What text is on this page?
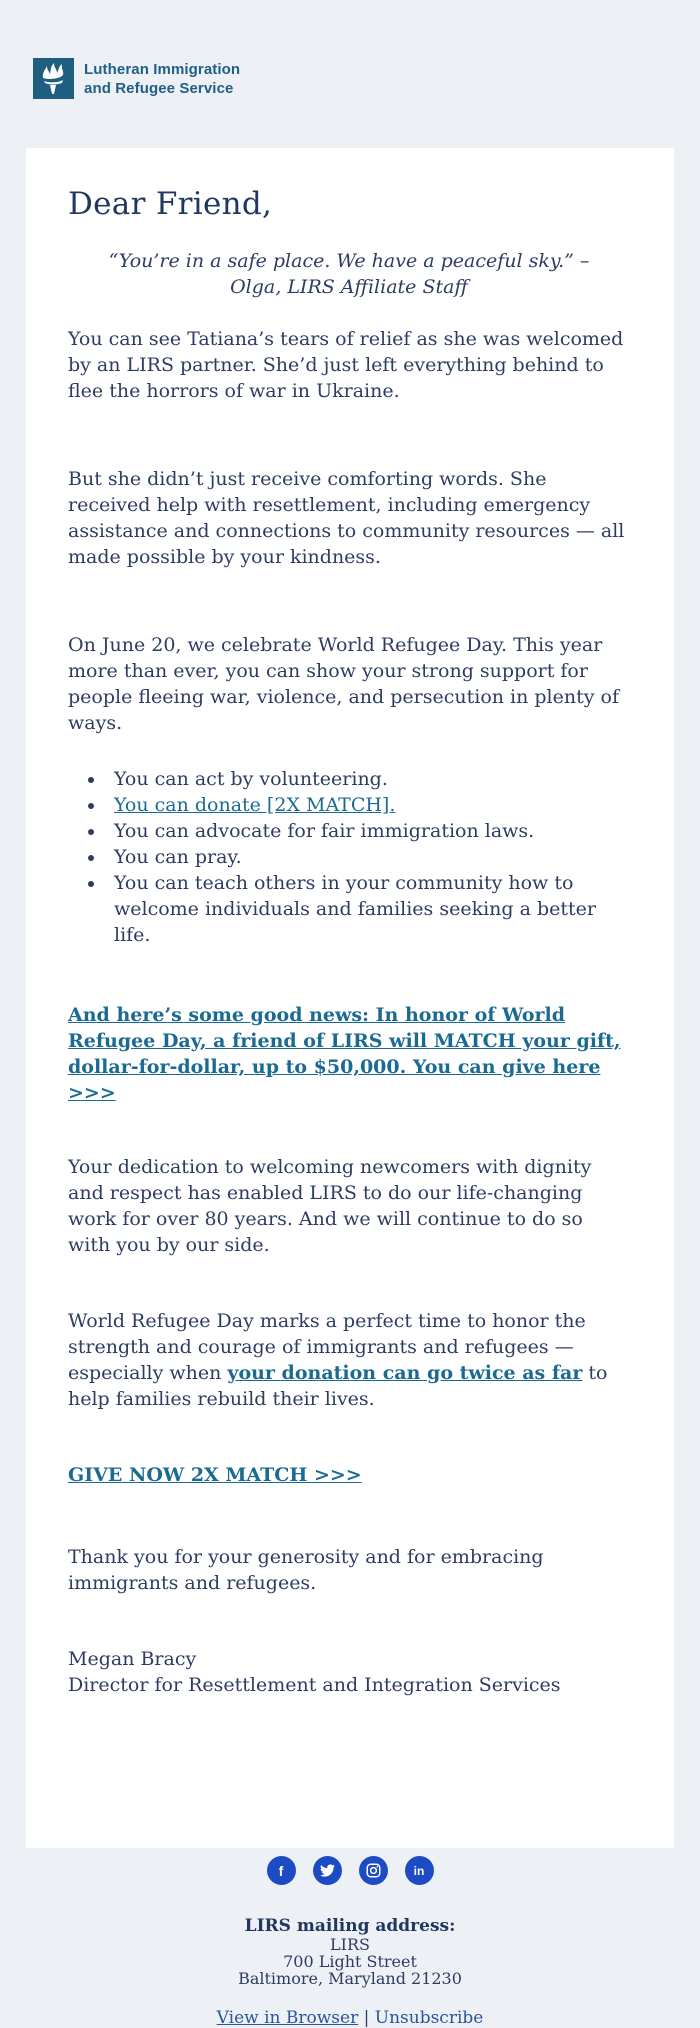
Lutheran Immigration
and Refugee Service
Dear Friend,
“You’re in a safe place. We have a peaceful sky.” – Olga, LIRS Affiliate Staff

You can see Tatiana’s tears of relief as she was welcomed by an LIRS partner. She’d just left everything behind to flee the horrors of war in Ukraine.

But she didn’t just receive comforting words. She received help with resettlement, including emergency assistance and connections to community resources — all made possible by your kindness.

On June 20, we celebrate World Refugee Day. This year more than ever, you can show your strong support for people fleeing war, violence, and persecution in plenty of ways.

• You can act by volunteering.
• You can donate [2X MATCH].
• You can advocate for fair immigration laws.
• You can pray.
• You can teach others in your community how to welcome individuals and families seeking a better life.

And here’s some good news: In honor of World Refugee Day, a friend of LIRS will MATCH your gift, dollar-for-dollar, up to $50,000. You can give here >>>

Your dedication to welcoming newcomers with dignity and respect has enabled LIRS to do our life-changing work for over 80 years. And we will continue to do so with you by our side.

World Refugee Day marks a perfect time to honor the strength and courage of immigrants and refugees — especially when your donation can go twice as far to help families rebuild their lives.

GIVE NOW 2X MATCH >>>

Thank you for your generosity and for embracing immigrants and refugees.

Megan Bracy
Director for Resettlement and Integration Services
f	in
LIRS mailing address:
LIRS
700 Light Street
Baltimore, Maryland 21230
View in Browser | Unsubscribe
